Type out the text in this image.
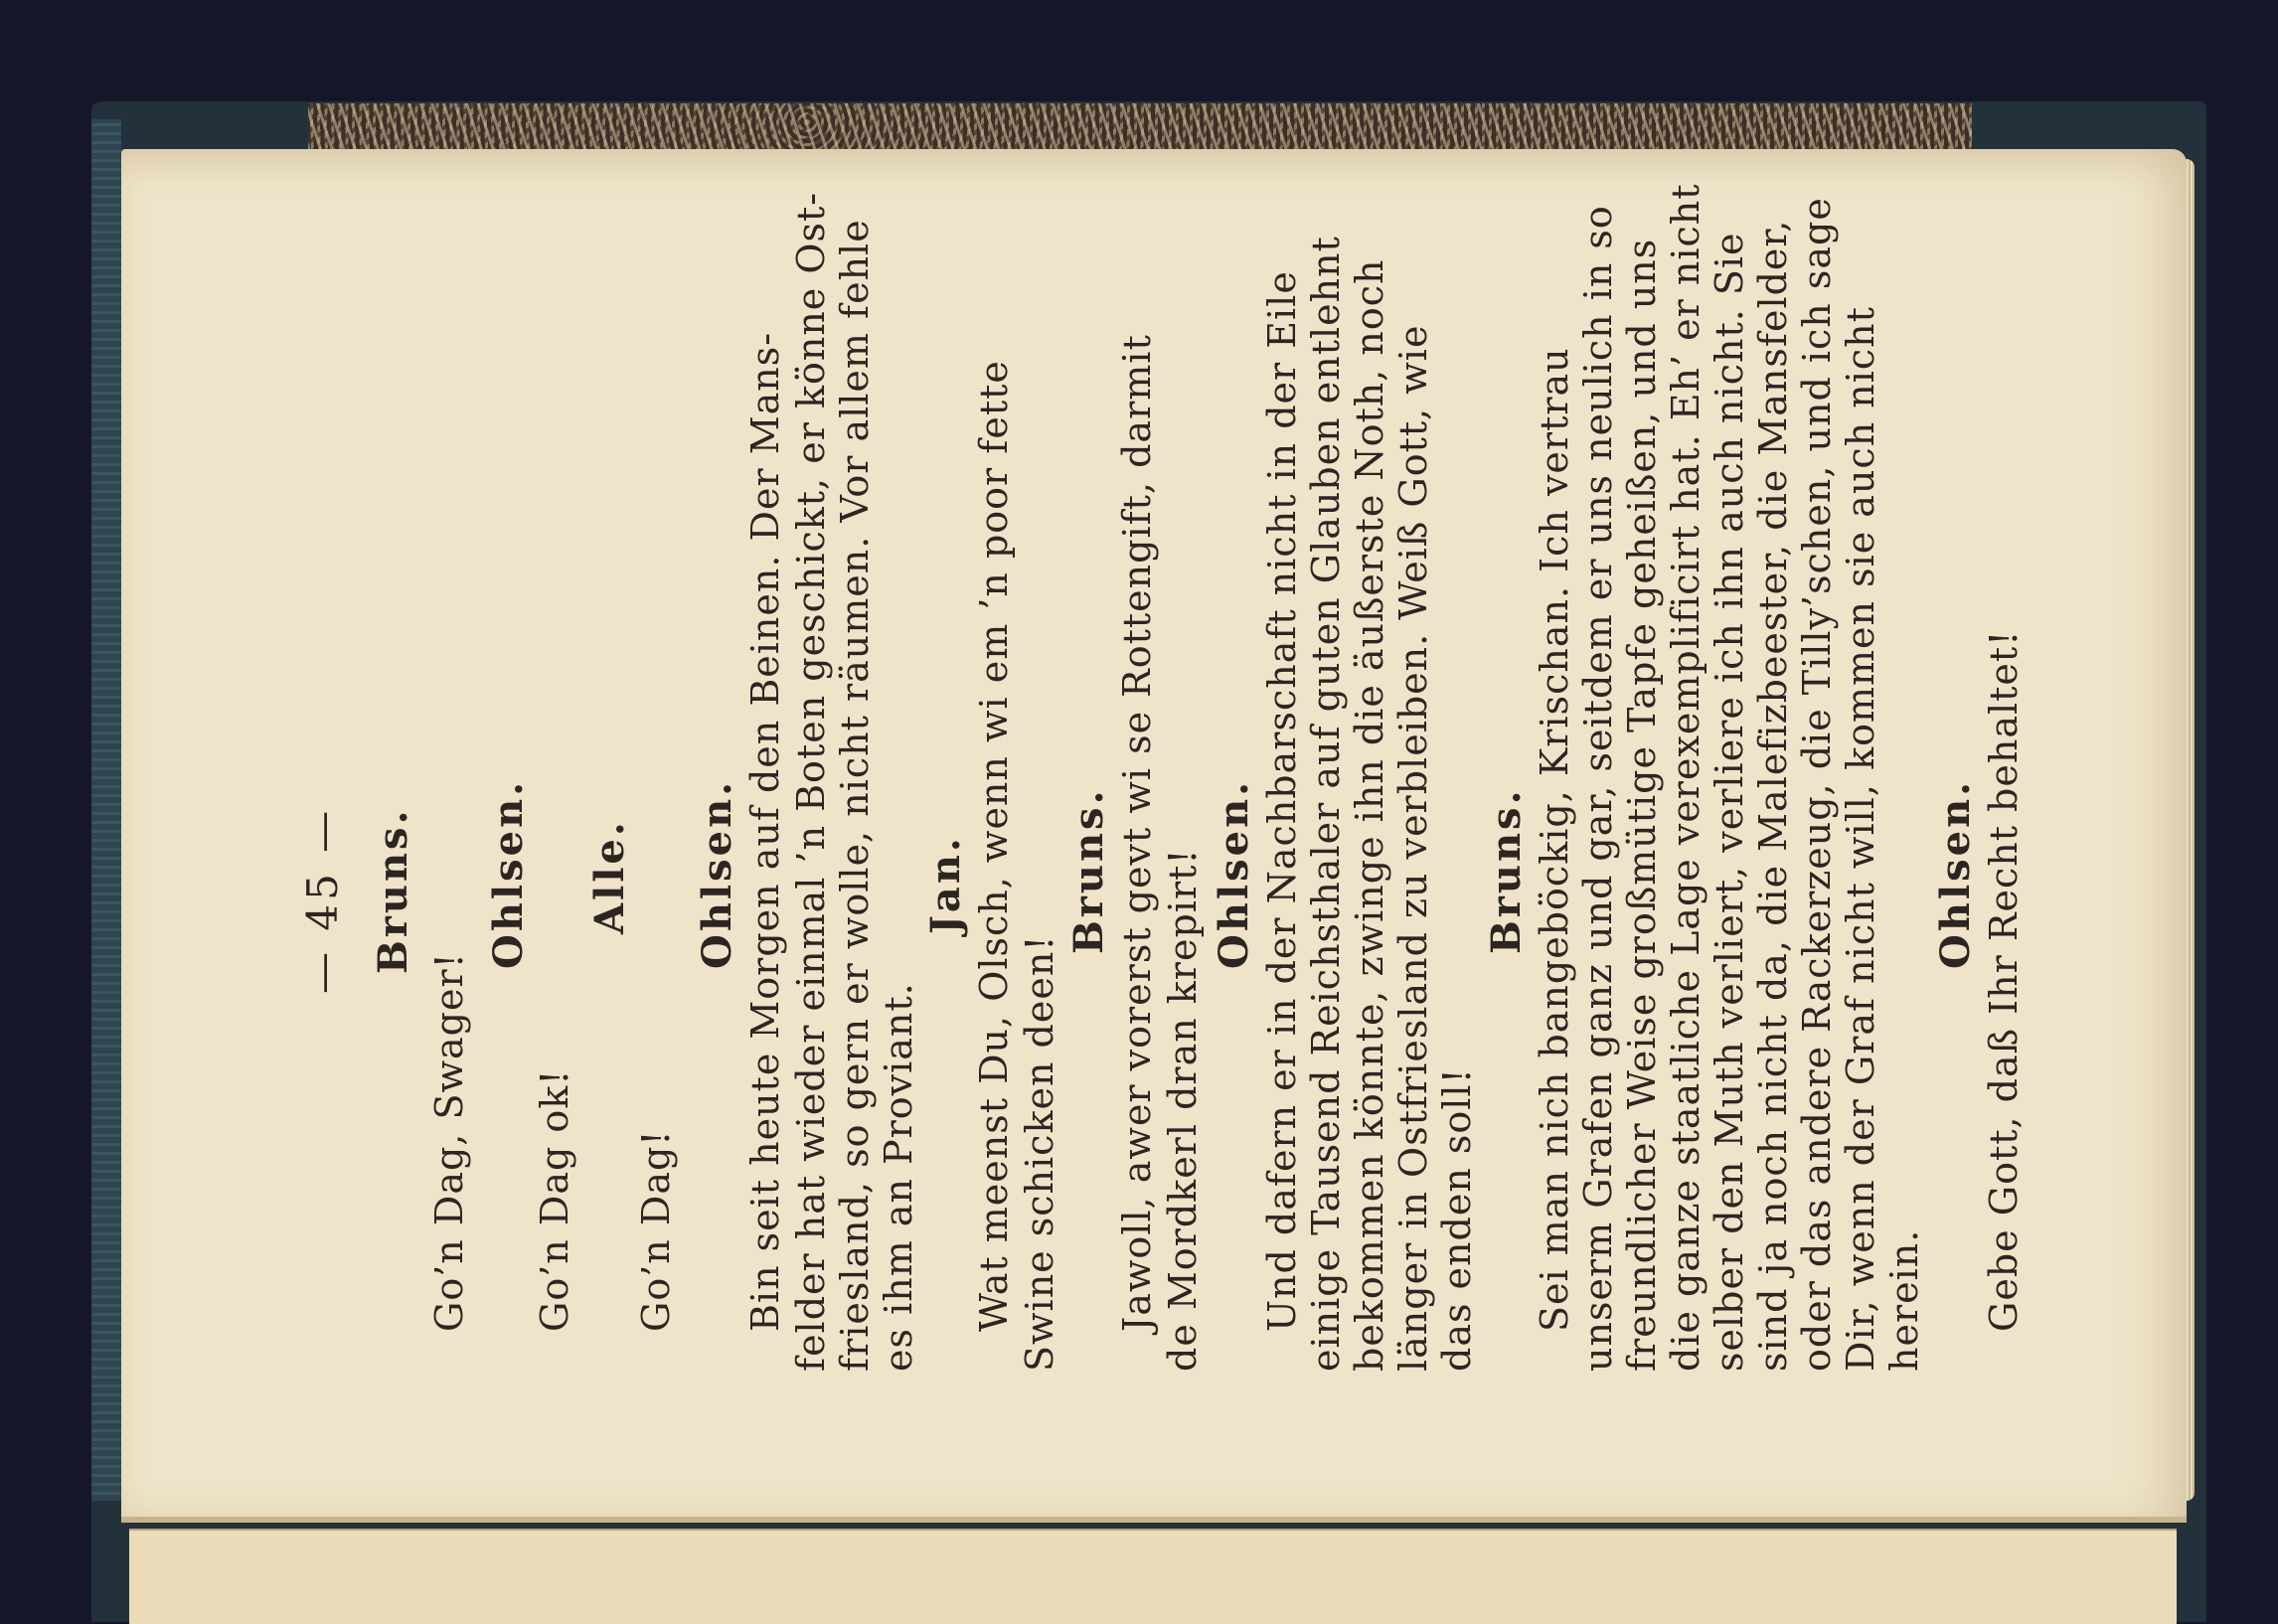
— 45 — Bruns.
Go’n Dag, Swager!
Ohlsen.
Go’n Dag ok!
Alle.
Go’n Dag!
Ohlsen. Bin seit heute Morgen auf den Beinen. Der Mans- felder hat wieder einmal ’n Boten geschickt, er könne Ost- friesland, so gern er wolle, nicht räumen. Vor allem fehle es ihm an Proviant.
Jan. Wat meenst Du, Olsch, wenn wi em ’n poor fette Swine schicken deen!
Bruns. Jawoll, awer vorerst gevt wi se Rottengift, darmit de Mordkerl dran krepirt! Ohlsen. Und dafern er in der Nachbarschaft nicht in der Eile einige Tausend Reichsthaler auf guten Glauben entlehnt bekommen könnte, zwinge ihn die äußerste Noth, noch länger in Ostfriesland zu verbleiben. Weiß Gott, wie das enden soll!
Bruns. Sei man nich bangeböckig, Krischan. Ich vertrau unserm Grafen ganz und gar, seitdem er uns neulich in so freundlicher Weise großmütige Tapfe geheißen, und uns die ganze staatliche Lage verexemplificirt hat. Eh’ er nicht selber den Muth verliert, verliere ich ihn auch nicht. Sie sind ja noch nicht da, die Malefizbeester, die Mansfelder, oder das andere Rackerzeug, die Tilly’schen, und ich sage Dir, wenn der Graf nicht will, kommen sie auch nicht herein.
Ohlsen. Gebe Gott, daß Ihr Recht behaltet!
